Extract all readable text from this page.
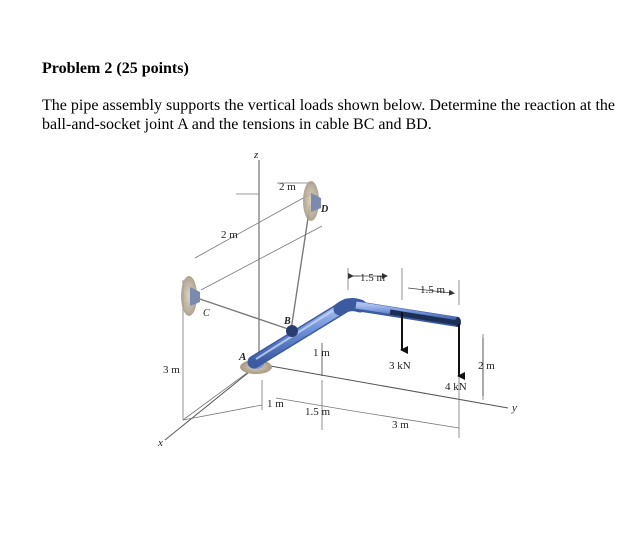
Problem 2 (25 points)
The pipe assembly supports the vertical loads shown below. Determine the reaction at the ball-and-socket joint A and the tensions in cable BC and BD.
z
x
y
A
B
C
D
2 m
2 m
3 m
1 m
2 m
1 m
1.5 m
3 m
1.5 m
1.5 m
3 kN
4 kN
